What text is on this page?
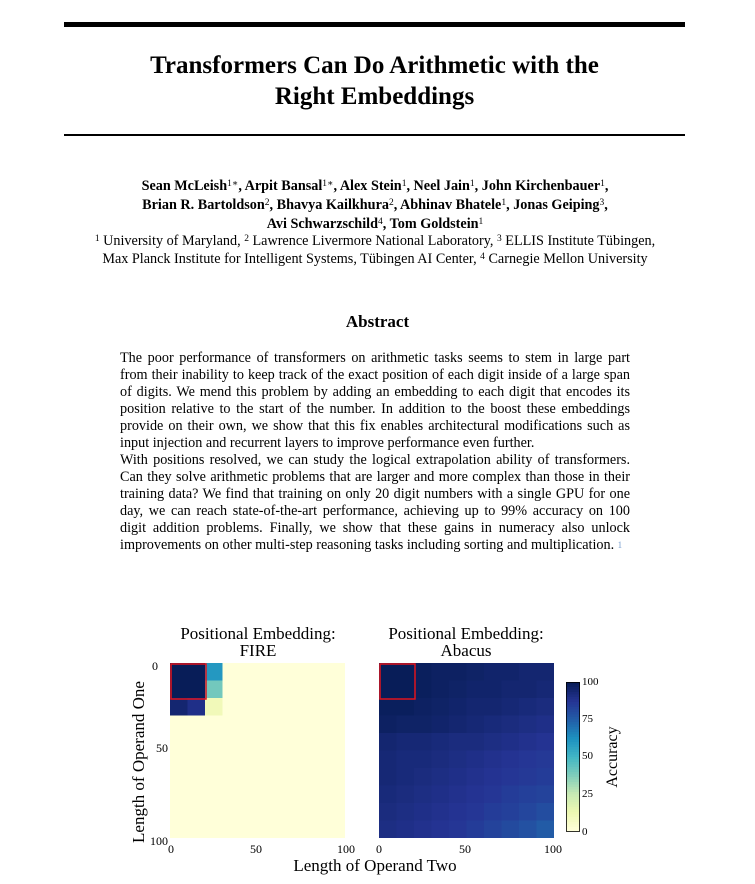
Transformers Can Do Arithmetic with the
Right Embeddings
Sean McLeish$^{1∗}$, Arpit Bansal$^{1∗}$, Alex Stein$^1$, Neel Jain$^1$, John Kirchenbauer$^1$,
Brian R. Bartoldson$^2$, Bhavya Kailkhura$^2$, Abhinav Bhatele$^1$, Jonas Geiping$^3$,
Avi Schwarzschild$^4$, Tom Goldstein$^1$
$^1$ University of Maryland, $^2$ Lawrence Livermore National Laboratory, $^3$ ELLIS Institute Tübingen,
Max Planck Institute for Intelligent Systems, Tübingen AI Center, $^4$ Carnegie Mellon University
Abstract

The poor performance of transformers on arithmetic tasks seems to stem in large part from their inability to keep track of the exact position of each digit inside of a large span of digits. We mend this problem by adding an embedding to each digit that encodes its position relative to the start of the number. In addition to the boost these embeddings provide on their own, we show that this fix enables architectural modifications such as input injection and recurrent layers to improve performance even further.

With positions resolved, we can study the logical extrapolation ability of transformers. Can they solve arithmetic problems that are larger and more complex than those in their training data? We find that training on only 20 digit numbers with a single GPU for one day, we can reach state-of-the-art performance, achieving up to 99% accuracy on 100 digit addition problems. Finally, we show that these gains in numeracy also unlock improvements on other multi-step reasoning tasks including sorting and multiplication. $^1$

Positional Embedding:
FIRE
Positional Embedding:
Abacus
Length of Operand One
0
50
100
0	50	100 0	50	100
Length of Operand Two
100
75
50
25
0
Accuracy
